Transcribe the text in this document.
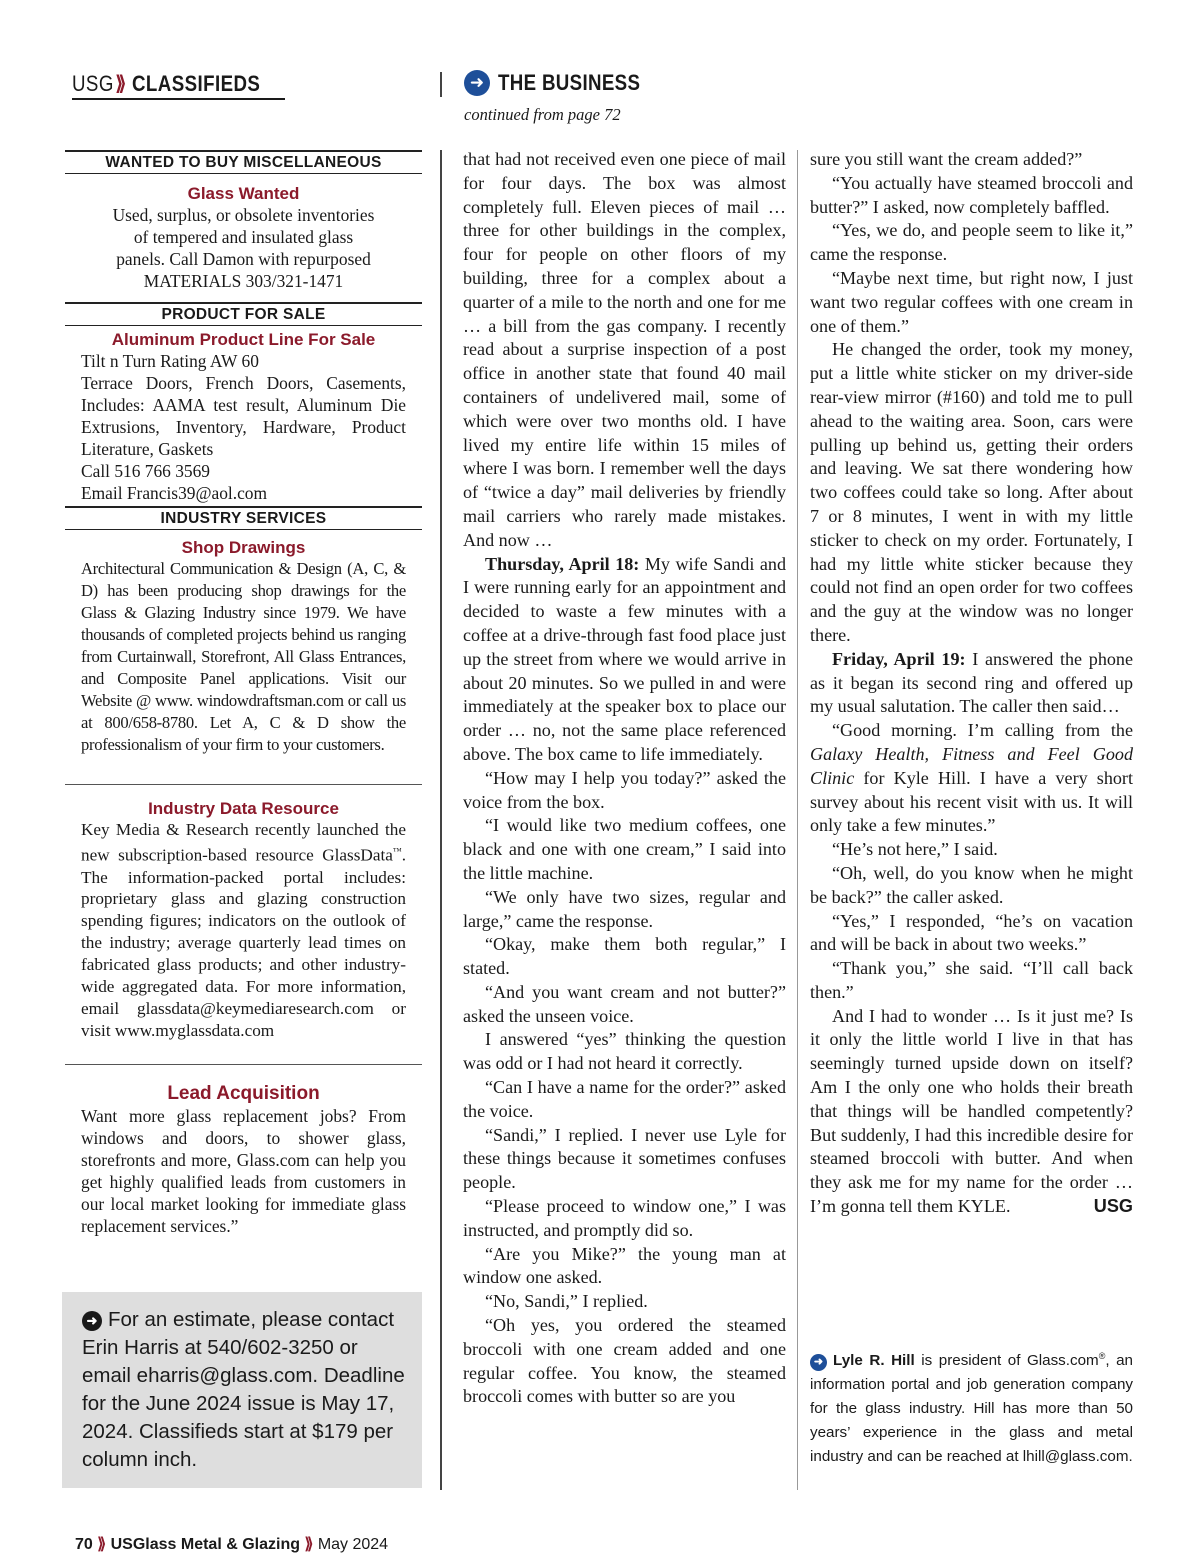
USG ⟫ CLASSIFIEDS
WANTED TO BUY MISCELLANEOUS
Glass Wanted
Used, surplus, or obsolete inventories
of tempered and insulated glass
panels. Call Damon with repurposed
MATERIALS 303/321-1471
PRODUCT FOR SALE
Aluminum Product Line For Sale
Tilt n Turn Rating AW 60
Terrace Doors, French Doors, Casements, Includes: AAMA test result, Aluminum Die Extrusions, Inventory, Hardware, Product Literature, Gaskets
Call 516 766 3569
Email Francis39@aol.com
INDUSTRY SERVICES
Shop Drawings
Architectural Communication & Design (A, C, & D) has been producing shop drawings for the Glass & Glazing Industry since 1979. We have thousands of completed projects behind us ranging from Curtainwall, Storefront, All Glass Entrances, and Composite Panel applications. Visit our Website @ www. windowdraftsman.com or call us at 800/658-8780. Let A, C & D show the professionalism of your firm to your customers.
Industry Data Resource
Key Media & Research recently launched the new subscription-based resource GlassData™. The information-packed portal includes: proprietary glass and glazing construction spending figures; indicators on the outlook of the industry; average quarterly lead times on fabricated glass products; and other industry-wide aggregated data. For more information, email glassdata@keymediaresearch.com or visit www.myglassdata.com
Lead Acquisition
Want more glass replacement jobs? From windows and doors, to shower glass, storefronts and more, Glass.com can help you get highly qualified leads from customers in our local market looking for immediate glass replacement services.”
➜ For an estimate, please contact Erin Harris at 540/602-3250 or email eharris@glass.com. Deadline for the June 2024 issue is May 17, 2024. Classifieds start at $179 per column inch.
70 ⟫ USGlass Metal & Glazing ⟫ May 2024
➜ THE BUSINESS
continued from page 72

that had not received even one piece of mail for four days. The box was almost completely full. Eleven pieces of mail … three for other buildings in the complex, four for people on other floors of my building, three for a complex about a quarter of a mile to the north and one for me … a bill from the gas company. I recently read about a surprise inspection of a post office in another state that found 40 mail containers of undelivered mail, some of which were over two months old. I have lived my entire life within 15 miles of where I was born. I remember well the days of “twice a day” mail deliveries by friendly mail carriers who rarely made mistakes. And now …

Thursday, April 18: My wife Sandi and I were running early for an appointment and decided to waste a few minutes with a coffee at a drive-through fast food place just up the street from where we would arrive in about 20 minutes. So we pulled in and were immediately at the speaker box to place our order … no, not the same place referenced above. The box came to life immediately.

“How may I help you today?” asked the voice from the box.

“I would like two medium coffees, one black and one with one cream,” I said into the little machine.

“We only have two sizes, regular and large,” came the response.

“Okay, make them both regular,” I stated.

“And you want cream and not butter?” asked the unseen voice.

I answered “yes” thinking the question was odd or I had not heard it correctly.

“Can I have a name for the order?” asked the voice.

“Sandi,” I replied. I never use Lyle for these things because it sometimes confuses people.

“Please proceed to window one,” I was instructed, and promptly did so.

“Are you Mike?” the young man at window one asked.

“No, Sandi,” I replied.

“Oh yes, you ordered the steamed broccoli with one cream added and one regular coffee. You know, the steamed broccoli comes with butter so are you

sure you still want the cream added?”

“You actually have steamed broccoli and butter?” I asked, now completely baffled.

“Yes, we do, and people seem to like it,” came the response.

“Maybe next time, but right now, I just want two regular coffees with one cream in one of them.”

He changed the order, took my money, put a little white sticker on my driver-side rear-view mirror (#160) and told me to pull ahead to the waiting area. Soon, cars were pulling up behind us, getting their orders and leaving. We sat there wondering how two coffees could take so long. After about 7 or 8 minutes, I went in with my little sticker to check on my order. Fortunately, I had my little white sticker because they could not find an open order for two coffees and the guy at the window was no longer there.

Friday, April 19: I answered the phone as it began its second ring and offered up my usual salutation. The caller then said…

“Good morning. I’m calling from the Galaxy Health, Fitness and Feel Good Clinic for Kyle Hill. I have a very short survey about his recent visit with us. It will only take a few minutes.”

“He’s not here,” I said.

“Oh, well, do you know when he might be back?” the caller asked.

“Yes,” I responded, “he’s on vacation and will be back in about two weeks.”

“Thank you,” she said. “I’ll call back then.”

And I had to wonder … Is it just me? Is it only the little world I live in that has seemingly turned upside down on itself? Am I the only one who holds their breath that things will be handled competently? But suddenly, I had this incredible desire for steamed broccoli with butter. And when they ask me for my name for the order … I’m gonna tell them KYLE.	USG

➜ Lyle R. Hill is president of Glass.com®, an information portal and job generation company for the glass industry. Hill has more than 50 years’ experience in the glass and metal industry and can be reached at lhill@glass.com.
